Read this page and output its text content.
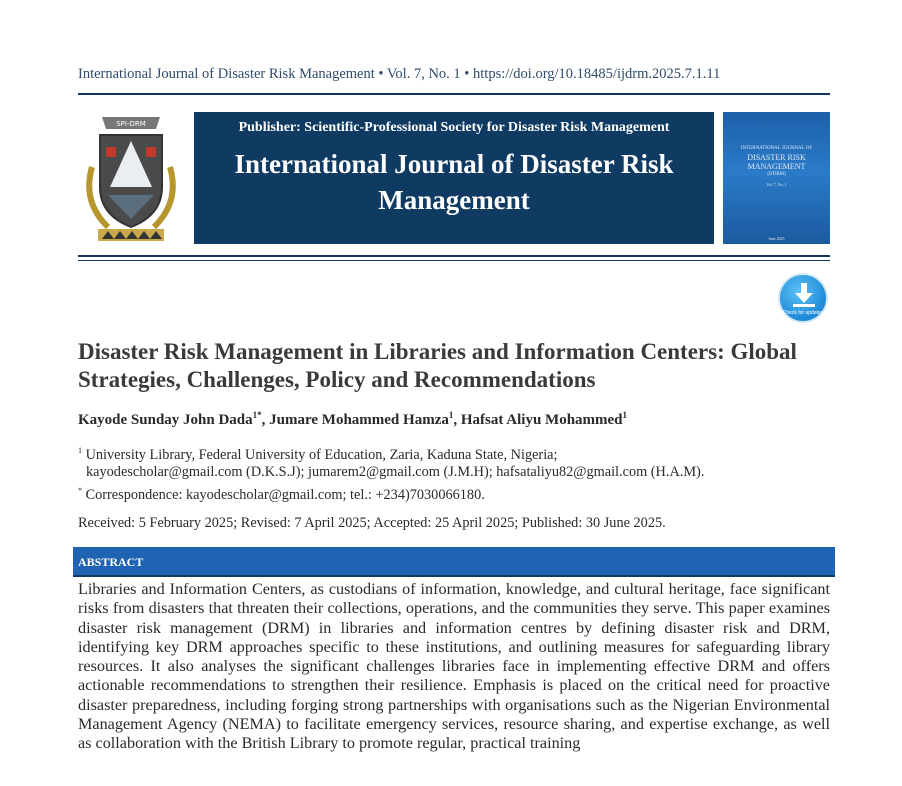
International Journal of Disaster Risk Management • Vol. 7, No. 1 • https://doi.org/10.18485/ijdrm.2025.7.1.11
SPI-DRM	Publisher: Scientific-Professional Society for Disaster Risk Management
International Journal of Disaster Risk Management
INTERNATIONAL JOURNAL OF
DISASTER RISK MANAGEMENT
(IJDRM)
Vol. 7, No. 1
June 2025
Check for updates
Disaster Risk Management in Libraries and Information Centers: Global Strategies, Challenges, Policy and Recommendations
Kayode Sunday John Dada$^{1*}$, Jumare Mohammed Hamza$^1$, Hafsat Aliyu Mohammed$^1$
$^1$ University Library, Federal University of Education, Zaria, Kaduna State, Nigeria;
kayodescholar@gmail.com (D.K.S.J); jumarem2@gmail.com (J.M.H); hafsataliyu82@gmail.com (H.A.M).
* Correspondence: kayodescholar@gmail.com; tel.: +234)7030066180.
Received: 5 February 2025; Revised: 7 April 2025; Accepted: 25 April 2025; Published: 30 June 2025.
ABSTRACT
Libraries and Information Centers, as custodians of information, knowledge, and cultural heritage, face significant risks from disasters that threaten their collections, operations, and the communities they serve. This paper examines disaster risk management (DRM) in libraries and information centres by defining disaster risk and DRM, identifying key DRM approaches specific to these institutions, and outlining measures for safeguarding library resources. It also analyses the significant challenges libraries face in implementing effective DRM and offers actionable recommendations to strengthen their resilience. Emphasis is placed on the critical need for proactive disaster preparedness, including forging strong partnerships with organisations such as the Nigerian Environmental Management Agency (NEMA) to facilitate emergency services, resource sharing, and expertise exchange, as well as collaboration with the British Library to promote regular, practical training
